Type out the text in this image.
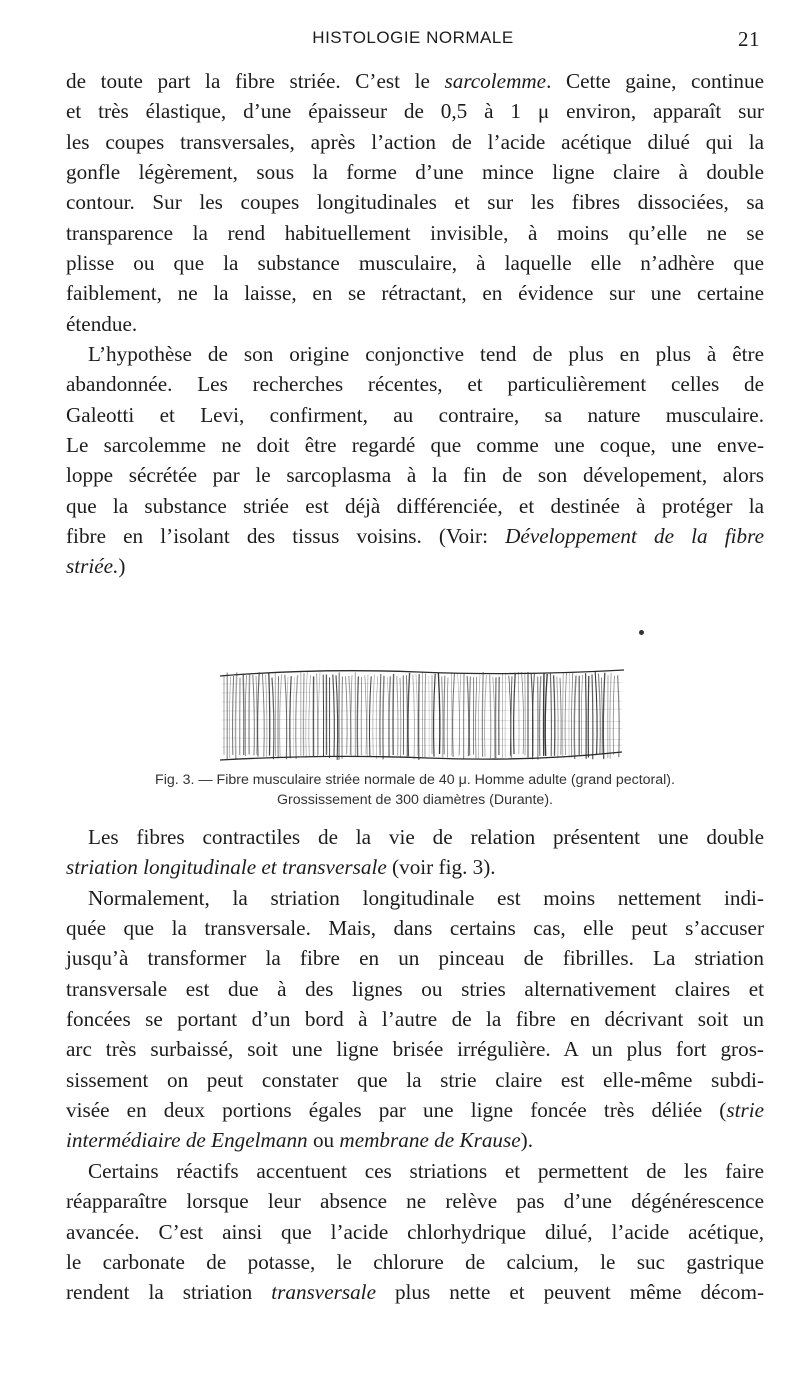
HISTOLOGIE NORMALE	21
de toute part la fibre striée. C’est le sarcolemme. Cette gaine, continue
et très élastique, d’une épaisseur de 0,5 à 1 μ environ, apparaît sur
les coupes transversales, après l’action de l’acide acétique dilué qui la
gonfle légèrement, sous la forme d’une mince ligne claire à double
contour. Sur les coupes longitudinales et sur les fibres dissociées, sa
transparence la rend habituellement invisible, à moins qu’elle ne se
plisse ou que la substance musculaire, à laquelle elle n’adhère que
faiblement, ne la laisse, en se rétractant, en évidence sur une certaine
étendue.
L’hypothèse de son origine conjonctive tend de plus en plus à être
abandonnée. Les recherches récentes, et particulièrement celles de
Galeotti et Levi, confirment, au contraire, sa nature musculaire.
Le sarcolemme ne doit être regardé que comme une coque, une enve-
loppe sécrétée par le sarcoplasma à la fin de son dévelopement, alors
que la substance striée est déjà différenciée, et destinée à protéger la
fibre en l’isolant des tissus voisins. (Voir: Développement de la fibre
striée.)
Fig. 3. — Fibre musculaire striée normale de 40 μ. Homme adulte (grand pectoral).
Grossissement de 300 diamètres (Durante).
Les fibres contractiles de la vie de relation présentent une double
striation longitudinale et transversale (voir fig. 3).
Normalement, la striation longitudinale est moins nettement indi-
quée que la transversale. Mais, dans certains cas, elle peut s’accuser
jusqu’à transformer la fibre en un pinceau de fibrilles. La striation
transversale est due à des lignes ou stries alternativement claires et
foncées se portant d’un bord à l’autre de la fibre en décrivant soit un
arc très surbaissé, soit une ligne brisée irrégulière. A un plus fort gros-
sissement on peut constater que la strie claire est elle-même subdi-
visée en deux portions égales par une ligne foncée très déliée (strie
intermédiaire de Engelmann ou membrane de Krause).
Certains réactifs accentuent ces striations et permettent de les faire
réapparaître lorsque leur absence ne relève pas d’une dégénérescence
avancée. C’est ainsi que l’acide chlorhydrique dilué, l’acide acétique,
le carbonate de potasse, le chlorure de calcium, le suc gastrique
rendent la striation transversale plus nette et peuvent même décom-
